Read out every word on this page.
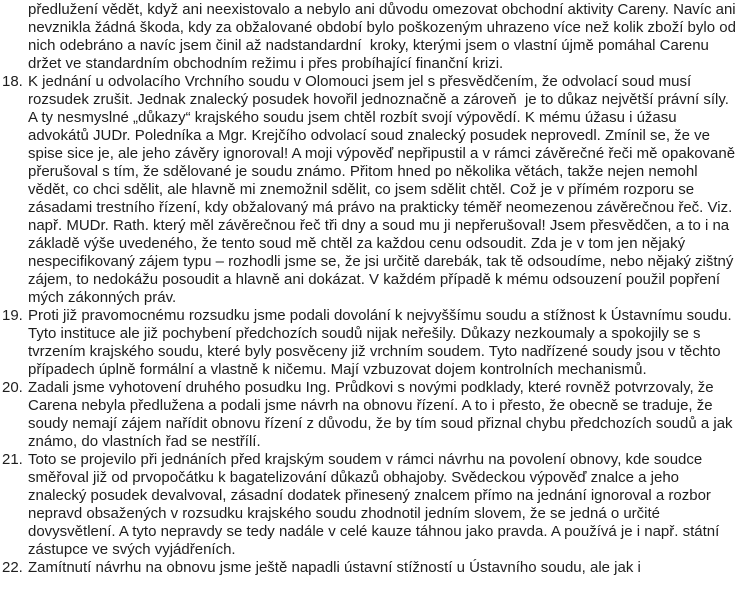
předlužení vědět, když ani neexistovalo a nebylo ani důvodu omezovat obchodní aktivity Careny. Navíc ani nevznikla žádná škoda, kdy za obžalované období bylo poškozeným uhrazeno více než kolik zboží bylo od nich odebráno a navíc jsem činil až nadstandardní  kroky, kterými jsem o vlastní újmě pomáhal Carenu držet ve standardním obchodním režimu i přes probíhající finanční krizi.

18. K jednání u odvolacího Vrchního soudu v Olomouci jsem jel s přesvědčením, že odvolací soud musí rozsudek zrušit. Jednak znalecký posudek hovořil jednoznačně a zároveň  je to důkaz největší právní síly. A ty nesmyslné „důkazy“ krajského soudu jsem chtěl rozbít svojí výpovědí. K mému úžasu i úžasu advokátů JUDr. Poledníka a Mgr. Krejčího odvolací soud znalecký posudek neprovedl. Zmínil se, že ve spise sice je, ale jeho závěry ignoroval! A moji výpověď nepřipustil a v rámci závěrečné řeči mě opakovaně přerušoval s tím, že sdělované je soudu známo. Přitom hned po několika větách, takže nejen nemohl vědět, co chci sdělit, ale hlavně mi znemožnil sdělit, co jsem sdělit chtěl. Což je v přímém rozporu se zásadami trestního řízení, kdy obžalovaný má právo na prakticky téměř neomezenou závěrečnou řeč. Viz. např. MUDr. Rath. který měl závěrečnou řeč tři dny a soud mu ji nepřerušoval! Jsem přesvědčen, a to i na základě výše uvedeného, že tento soud mě chtěl za každou cenu odsoudit. Zda je v tom jen nějaký nespecifikovaný zájem typu – rozhodli jsme se, že jsi určitě darebák, tak tě odsoudíme, nebo nějaký zištný zájem, to nedokážu posoudit a hlavně ani dokázat. V každém případě k mému odsouzení použil popření mých zákonných práv.
19. Proti již pravomocnému rozsudku jsme podali dovolání k nejvyššímu soudu a stížnost k Ústavnímu soudu. Tyto instituce ale již pochybení předchozích soudů nijak neřešily. Důkazy nezkoumaly a spokojily se s tvrzením krajského soudu, které byly posvěceny již vrchním soudem. Tyto nadřízené soudy jsou v těchto případech úplně formální a vlastně k ničemu. Mají vzbuzovat dojem kontrolních mechanismů.
20. Zadali jsme vyhotovení druhého posudku Ing. Průdkovi s novými podklady, které rovněž potvrzovaly, že Carena nebyla předlužena a podali jsme návrh na obnovu řízení. A to i přesto, že obecně se traduje, že soudy nemají zájem nařídit obnovu řízení z důvodu, že by tím soud přiznal chybu předchozích soudů a jak známo, do vlastních řad se nestřílí.
21. Toto se projevilo při jednáních před krajským soudem v rámci návrhu na povolení obnovy, kde soudce směřoval již od prvopočátku k bagatelizování důkazů obhajoby. Svědeckou výpověď znalce a jeho znalecký posudek devalvoval, zásadní dodatek přinesený znalcem přímo na jednání ignoroval a rozbor nepravd obsažených v rozsudku krajského soudu zhodnotil jedním slovem, že se jedná o určité dovysvětlení. A tyto nepravdy se tedy nadále v celé kauze táhnou jako pravda. A používá je i např. státní zástupce ve svých vyjádřeních.
22. Zamítnutí návrhu na obnovu jsme ještě napadli ústavní stížností u Ústavního soudu, ale jak i
